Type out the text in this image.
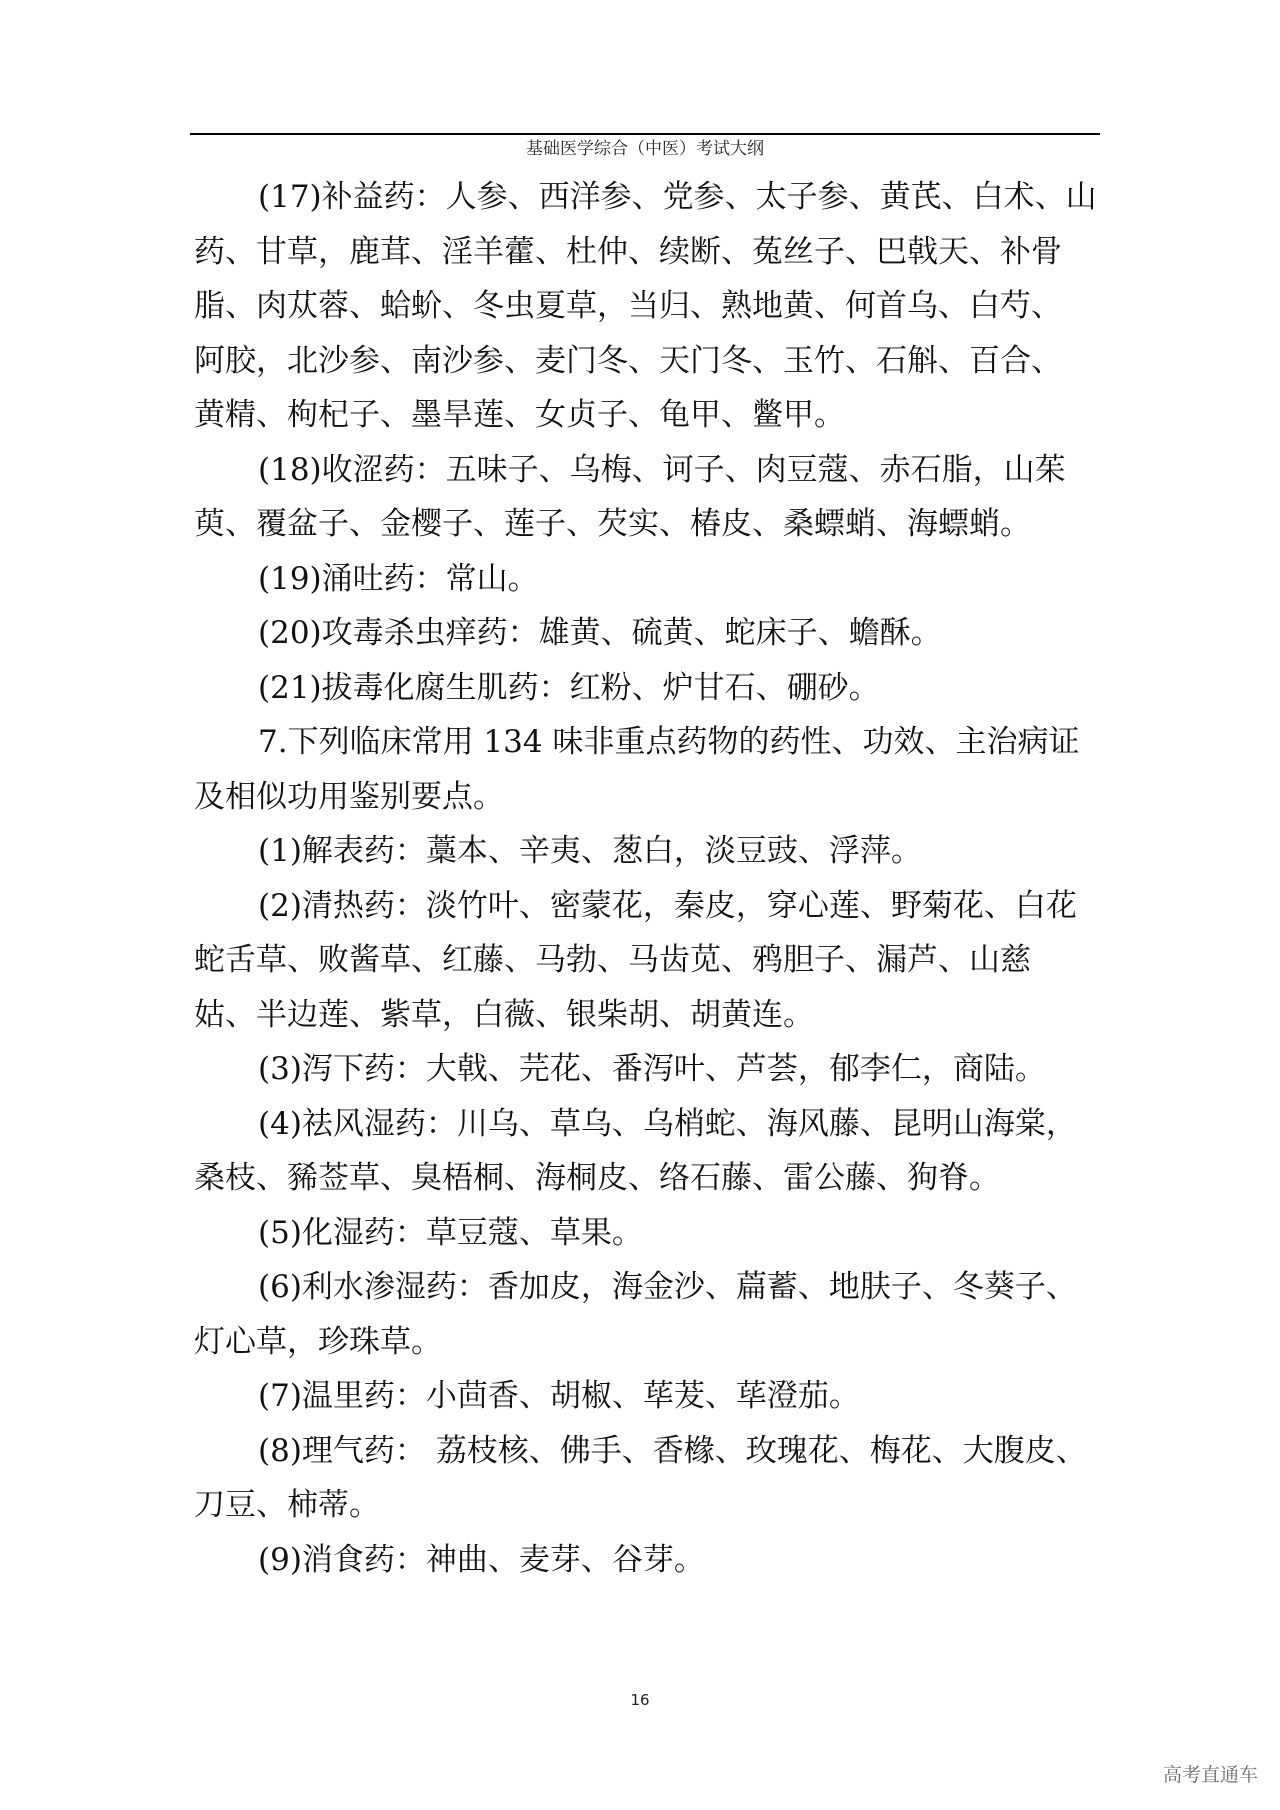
基础医学综合（中医）考试大纲
(17)补益药：人参、西洋参、党参、太子参、黄芪、白术、山
药、甘草，鹿茸、淫羊藿、杜仲、续断、菟丝子、巴戟天、补骨
脂、肉苁蓉、蛤蚧、冬虫夏草，当归、熟地黄、何首乌、白芍、
阿胶，北沙参、南沙参、麦门冬、天门冬、玉竹、石斛、百合、
黄精、枸杞子、墨旱莲、女贞子、龟甲、鳖甲。
(18)收涩药：五味子、乌梅、诃子、肉豆蔻、赤石脂，山茱
萸、覆盆子、金樱子、莲子、芡实、椿皮、桑螵蛸、海螵蛸。
(19)涌吐药：常山。
(20)攻毒杀虫痒药：雄黄、硫黄、蛇床子、蟾酥。
(21)拔毒化腐生肌药：红粉、炉甘石、硼砂。
7.下列临床常用 134 味非重点药物的药性、功效、主治病证
及相似功用鉴别要点。
(1)解表药：藁本、辛夷、葱白，淡豆豉、浮萍。
(2)清热药：淡竹叶、密蒙花，秦皮，穿心莲、野菊花、白花
蛇舌草、败酱草、红藤、马勃、马齿苋、鸦胆子、漏芦、山慈
姑、半边莲、紫草，白薇、银柴胡、胡黄连。
(3)泻下药：大戟、芫花、番泻叶、芦荟，郁李仁，商陆。
(4)祛风湿药：川乌、草乌、乌梢蛇、海风藤、昆明山海棠，
桑枝、豨莶草、臭梧桐、海桐皮、络石藤、雷公藤、狗脊。
(5)化湿药：草豆蔻、草果。
(6)利水渗湿药：香加皮，海金沙、萹蓄、地肤子、冬葵子、
灯心草，珍珠草。
(7)温里药：小茴香、胡椒、荜茇、荜澄茄。
(8)理气药： 荔枝核、佛手、香橼、玫瑰花、梅花、大腹皮、
刀豆、柿蒂。
(9)消食药：神曲、麦芽、谷芽。
16
高考直通车
